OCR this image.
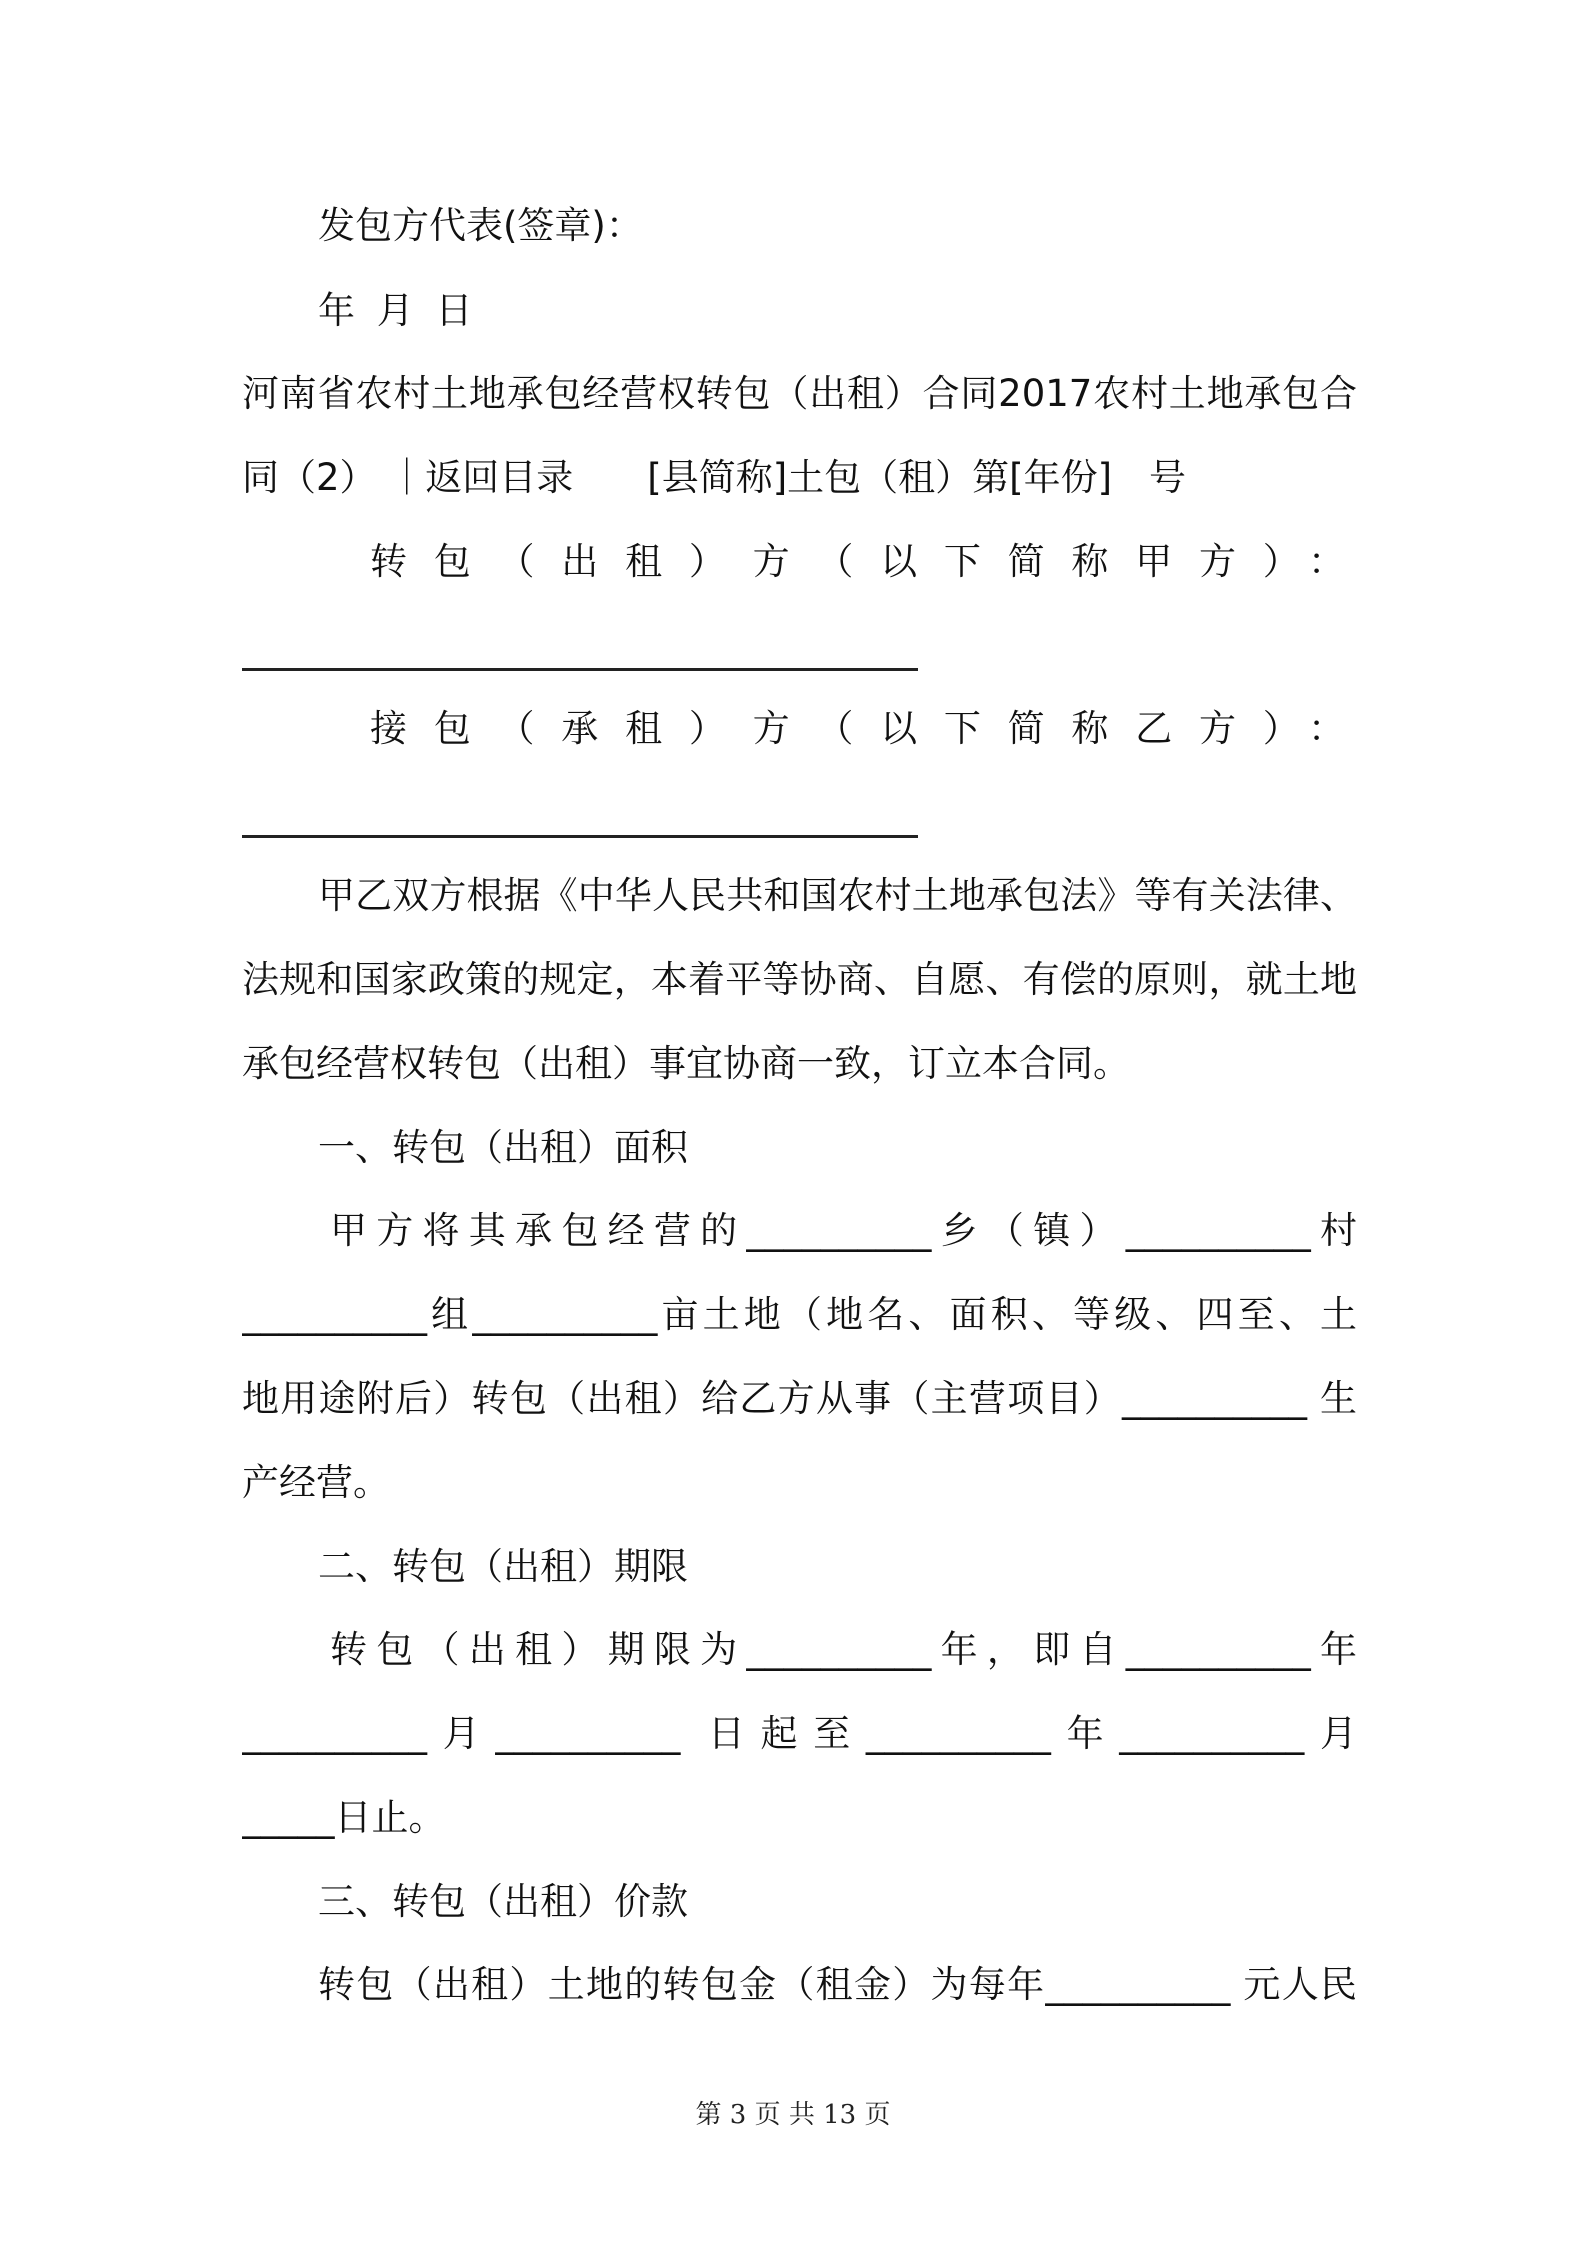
发包方代表(签章)：
年 月 日
河南省农村土地承包经营权转包（出租）合同2017农村土地承包合
同（2） ｜返回目录　　[县简称]土包（租）第[年份]　号
转包（出租）方（以下简称甲方）：
接包（承租）方（以下简称乙方）：
甲乙双方根据《中华人民共和国农村土地承包法》等有关法律、
法规和国家政策的规定，本着平等协商、自愿、有偿的原则，就土地
承包经营权转包（出租）事宜协商一致，订立本合同。
一、转包（出租）面积
甲方将其承包经营的__________乡（镇）__________村
__________组__________亩土地（地名、面积、等级、四至、土
地用途附后）转包（出租）给乙方从事（主营项目）__________ 生
产经营。
二、转包（出租）期限
转包（出租）期限为__________年，即自__________年
__________月__________ 日起至__________年__________月
_____日止。
三、转包（出租）价款
转包（出租）土地的转包金（租金）为每年__________ 元人民
第 3 页 共 13 页
